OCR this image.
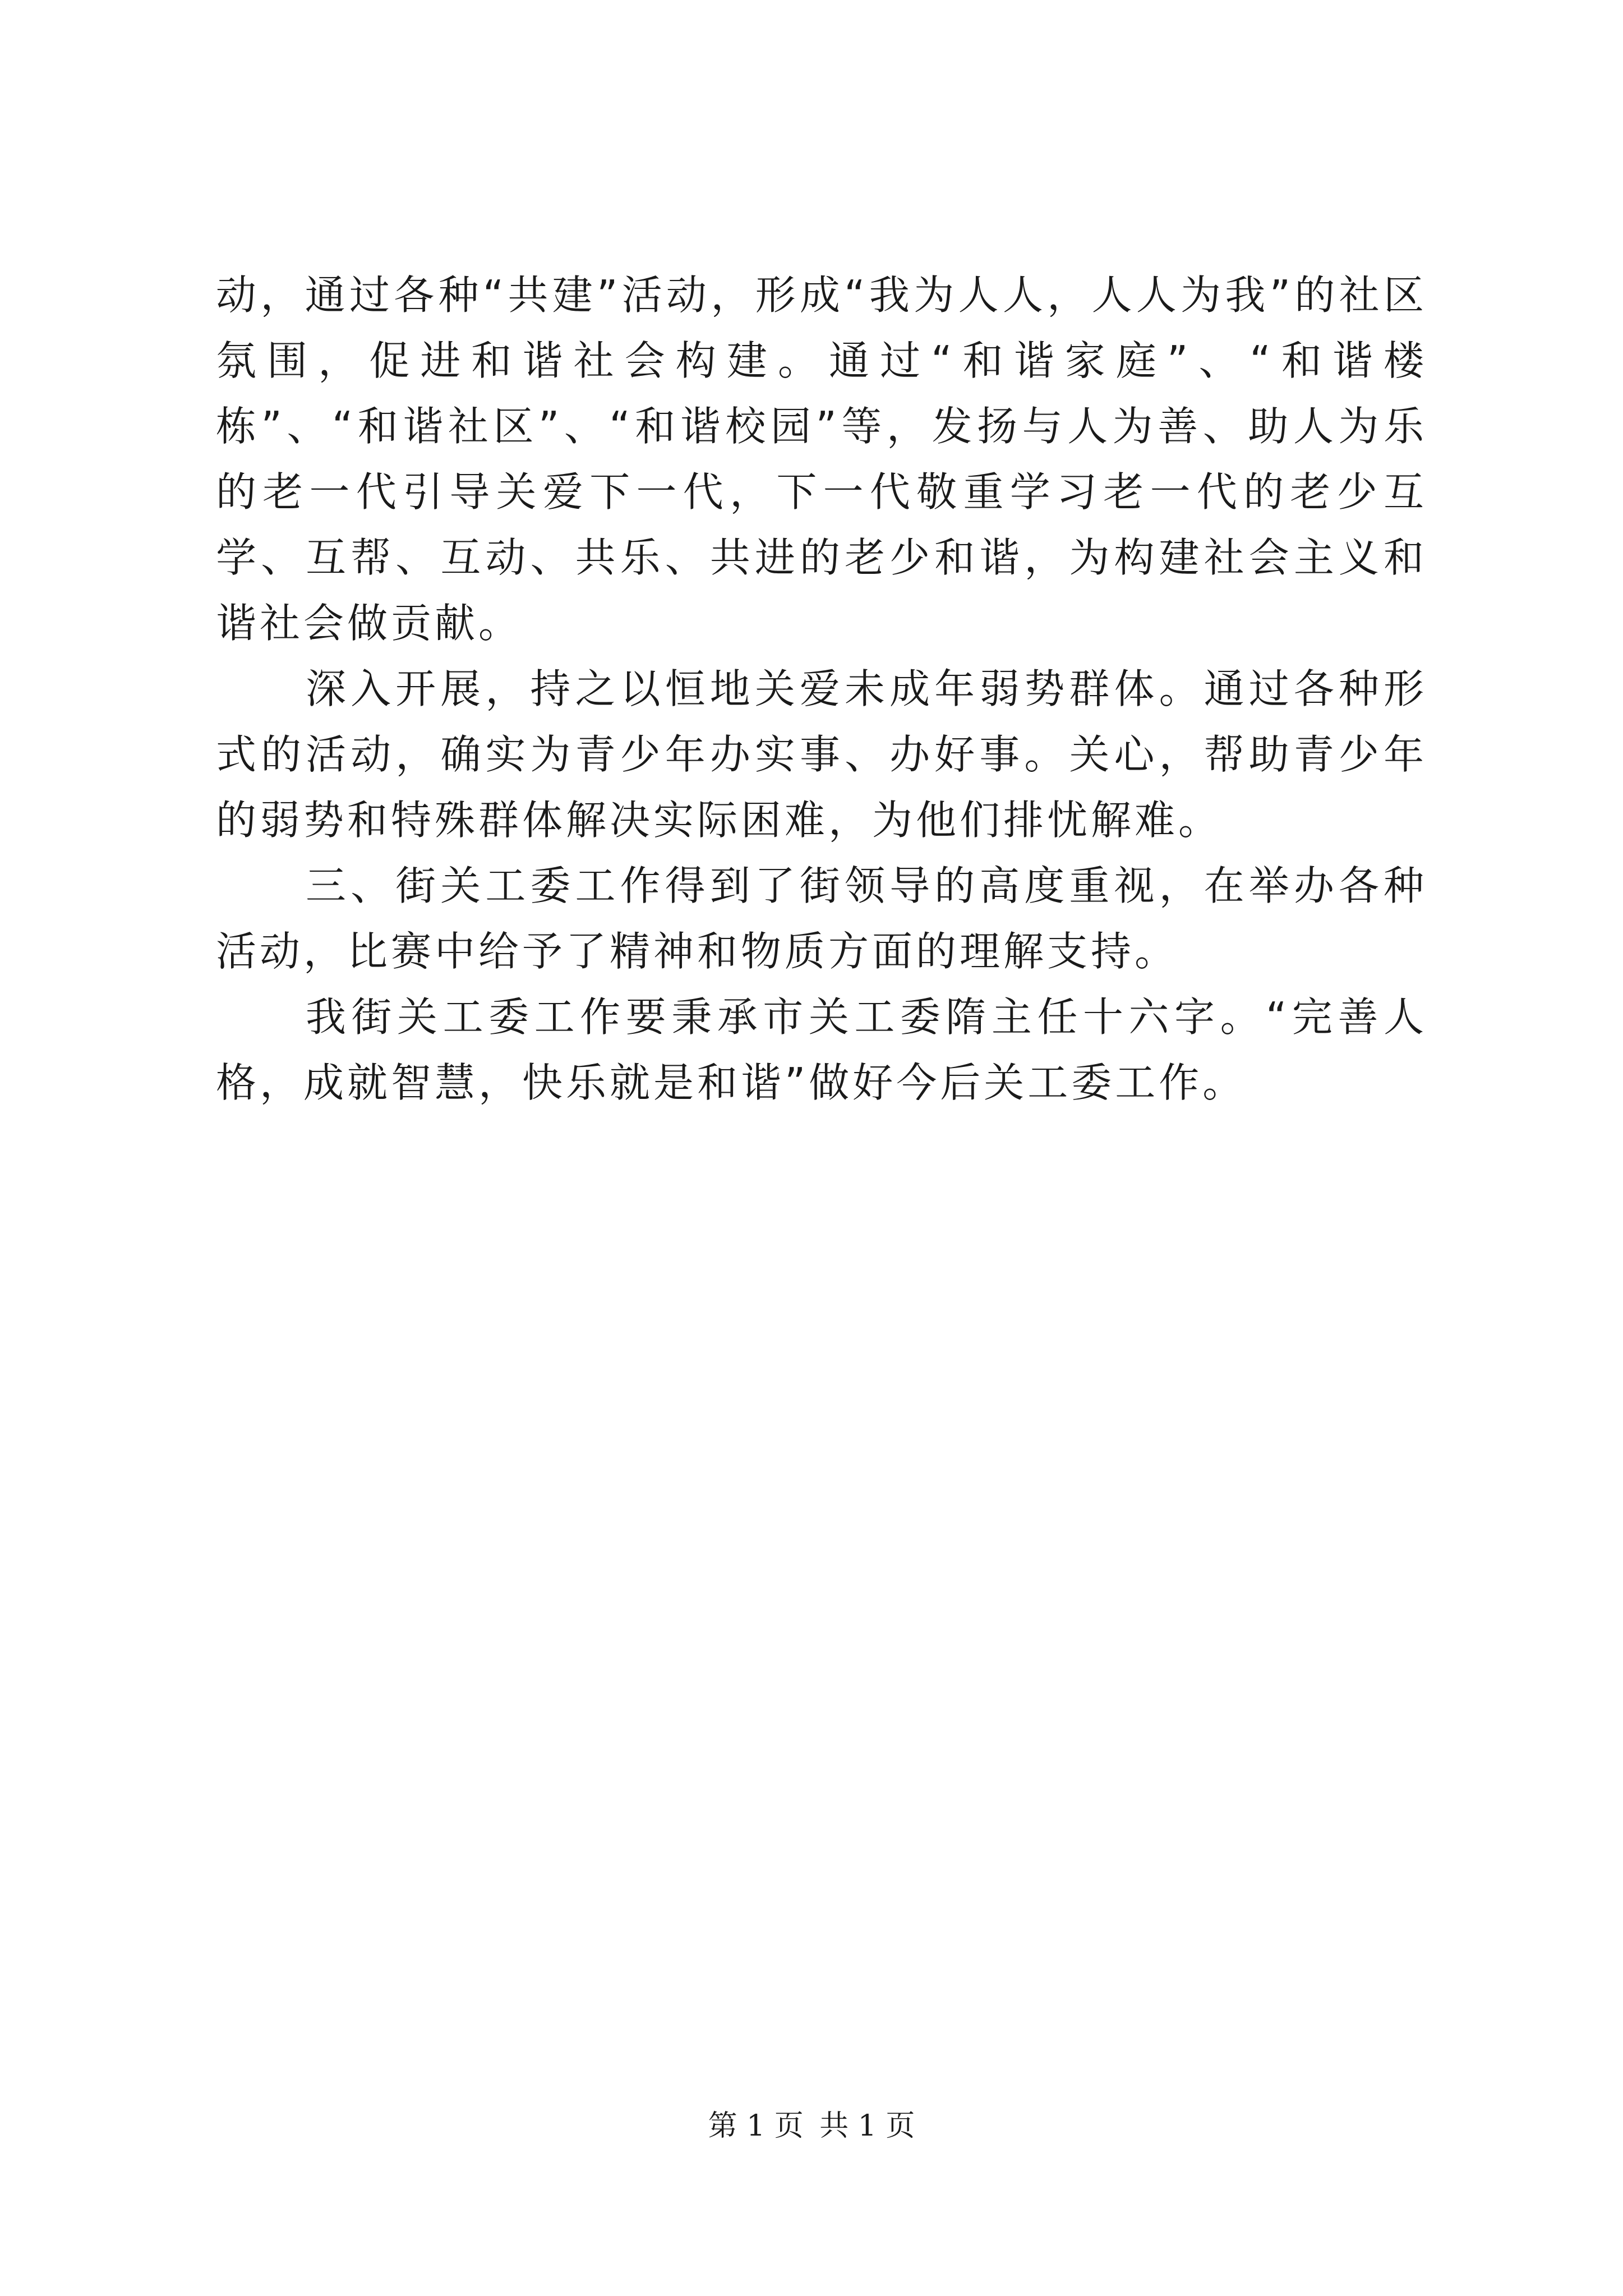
动，通过各种“共建”活动，形成“我为人人，人人为我”的社区氛围，促进和谐社会构建。通过“和谐家庭”、“和谐楼栋”、“和谐社区”、“和谐校园”等，发扬与人为善、助人为乐的老一代引导关爱下一代，下一代敬重学习老一代的老少互学、互帮、互动、共乐、共进的老少和谐，为构建社会主义和谐社会做贡献。

深入开展，持之以恒地关爱未成年弱势群体。通过各种形式的活动，确实为青少年办实事、办好事。关心，帮助青少年的弱势和特殊群体解决实际困难，为他们排忧解难。

三、街关工委工作得到了街领导的高度重视，在举办各种活动，比赛中给予了精神和物质方面的理解支持。

我街关工委工作要秉承市关工委隋主任十六字。“完善人格，成就智慧，快乐就是和谐”做好今后关工委工作。

第 1 页 共 1 页
